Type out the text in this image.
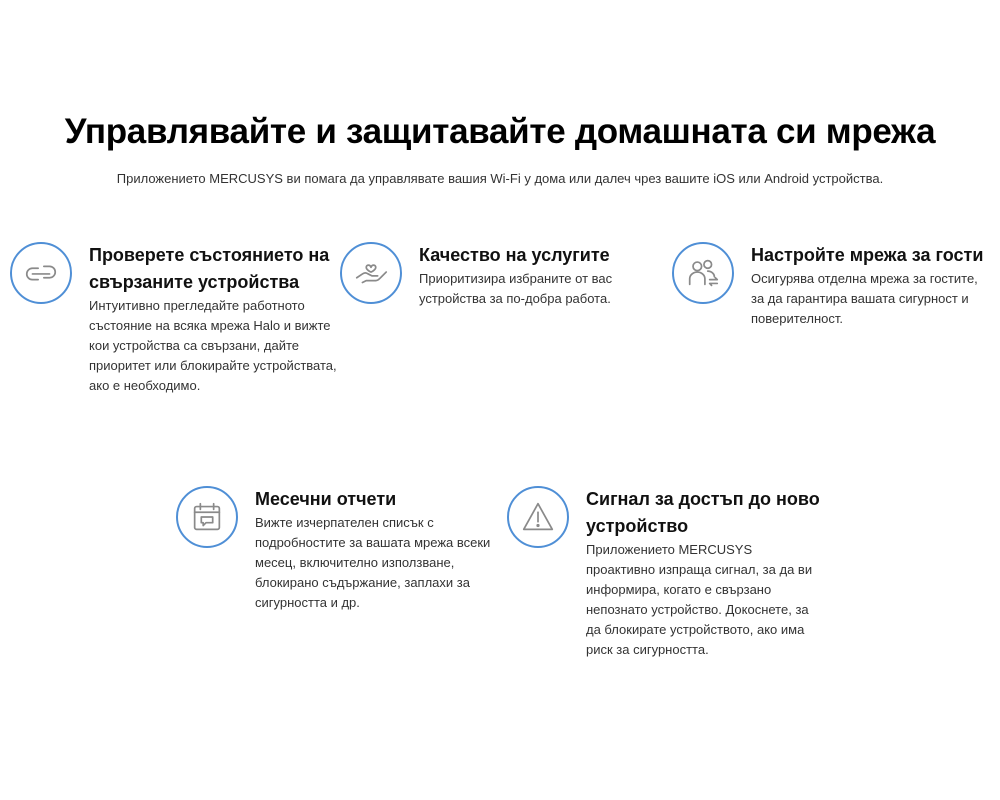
Управлявайте и защитавайте домашната си мрежа
Приложението MERCUSYS ви помага да управлявате вашия Wi-Fi у дома или далеч чрез вашите iOS или Android устройства.

Проверете състоянието на свързаните устройства

Интуитивно прегледайте работното състояние на всяка мрежа Halo и вижте кои устройства са свързани, дайте приоритет или блокирайте устройствата, ако е необходимо.

Качество на услугите

Приоритизира избраните от вас устройства за по-добра работа.

Настройте мрежа за гости

Осигурява отделна мрежа за гостите, за да гарантира вашата сигурност и поверителност.

Месечни отчети

Вижте изчерпателен списък с подробностите за вашата мрежа всеки месец, включително използване, блокирано съдържание, заплахи за сигурността и др.

Сигнал за достъп до ново устройство

Приложението MERCUSYS проактивно изпраща сигнал, за да ви информира, когато е свързано непознато устройство. Докоснете, за да блокирате устройството, ако има риск за сигурността.
